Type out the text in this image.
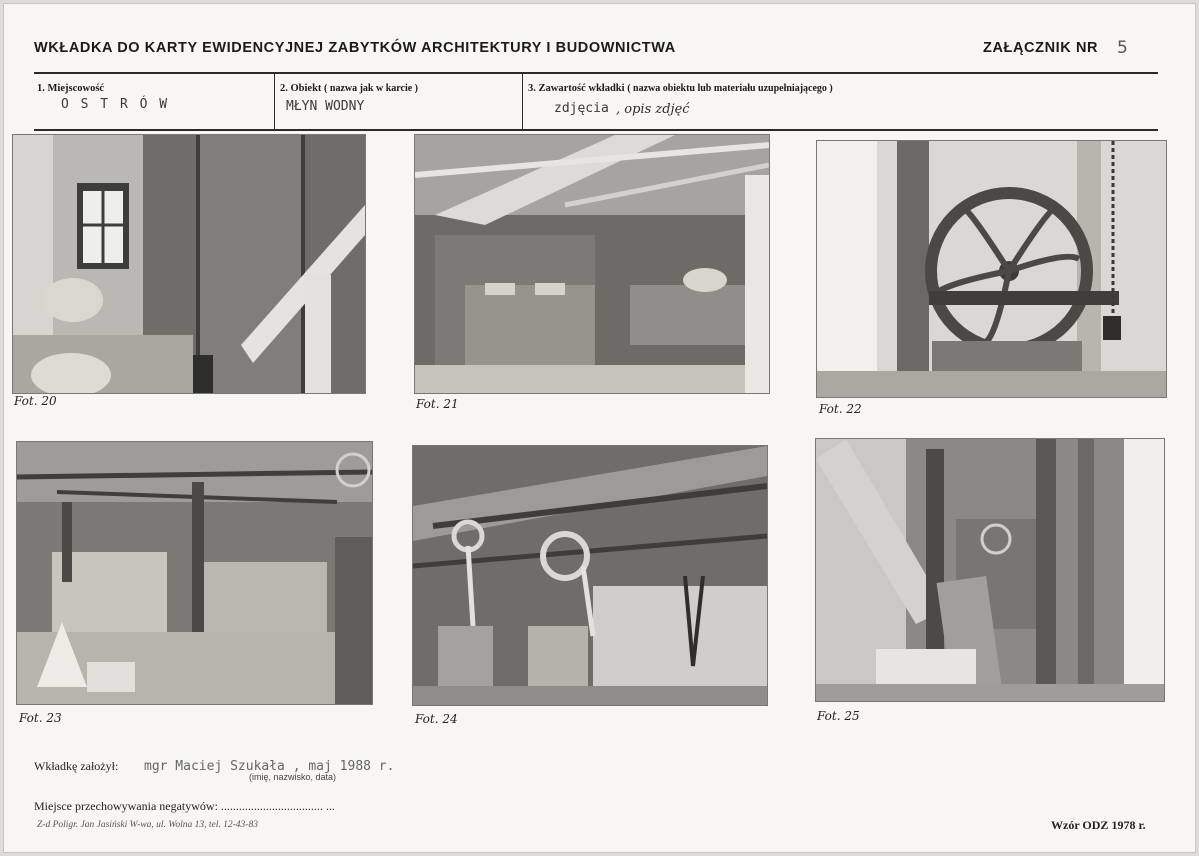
WKŁADKA DO KARTY EWIDENCYJNEJ ZABYTKÓW ARCHITEKTURY I BUDOWNICTWA	ZAŁĄCZNIK NR 5
1. Miejscowość
O S T R Ó W
2. Obiekt ( nazwa jak w karcie )
MŁYN WODNY
3. Zawartość wkładki ( nazwa obiektu lub materiału uzupełniającego )
zdjęcia , opis zdjęć
Fot. 20	Fot. 21	Fot. 22
Fot. 23	Fot. 24	Fot. 25
Wkładkę założył: mgr Maciej Szukała , maj 1988 r.
(imię, nazwisko, data)
Miejsce przechowywania negatywów: .................................. ...
Z-d Poligr. Jan Jasiński W-wa, ul. Wolna 13, tel. 12-43-83	Wzór ODZ 1978 r.
